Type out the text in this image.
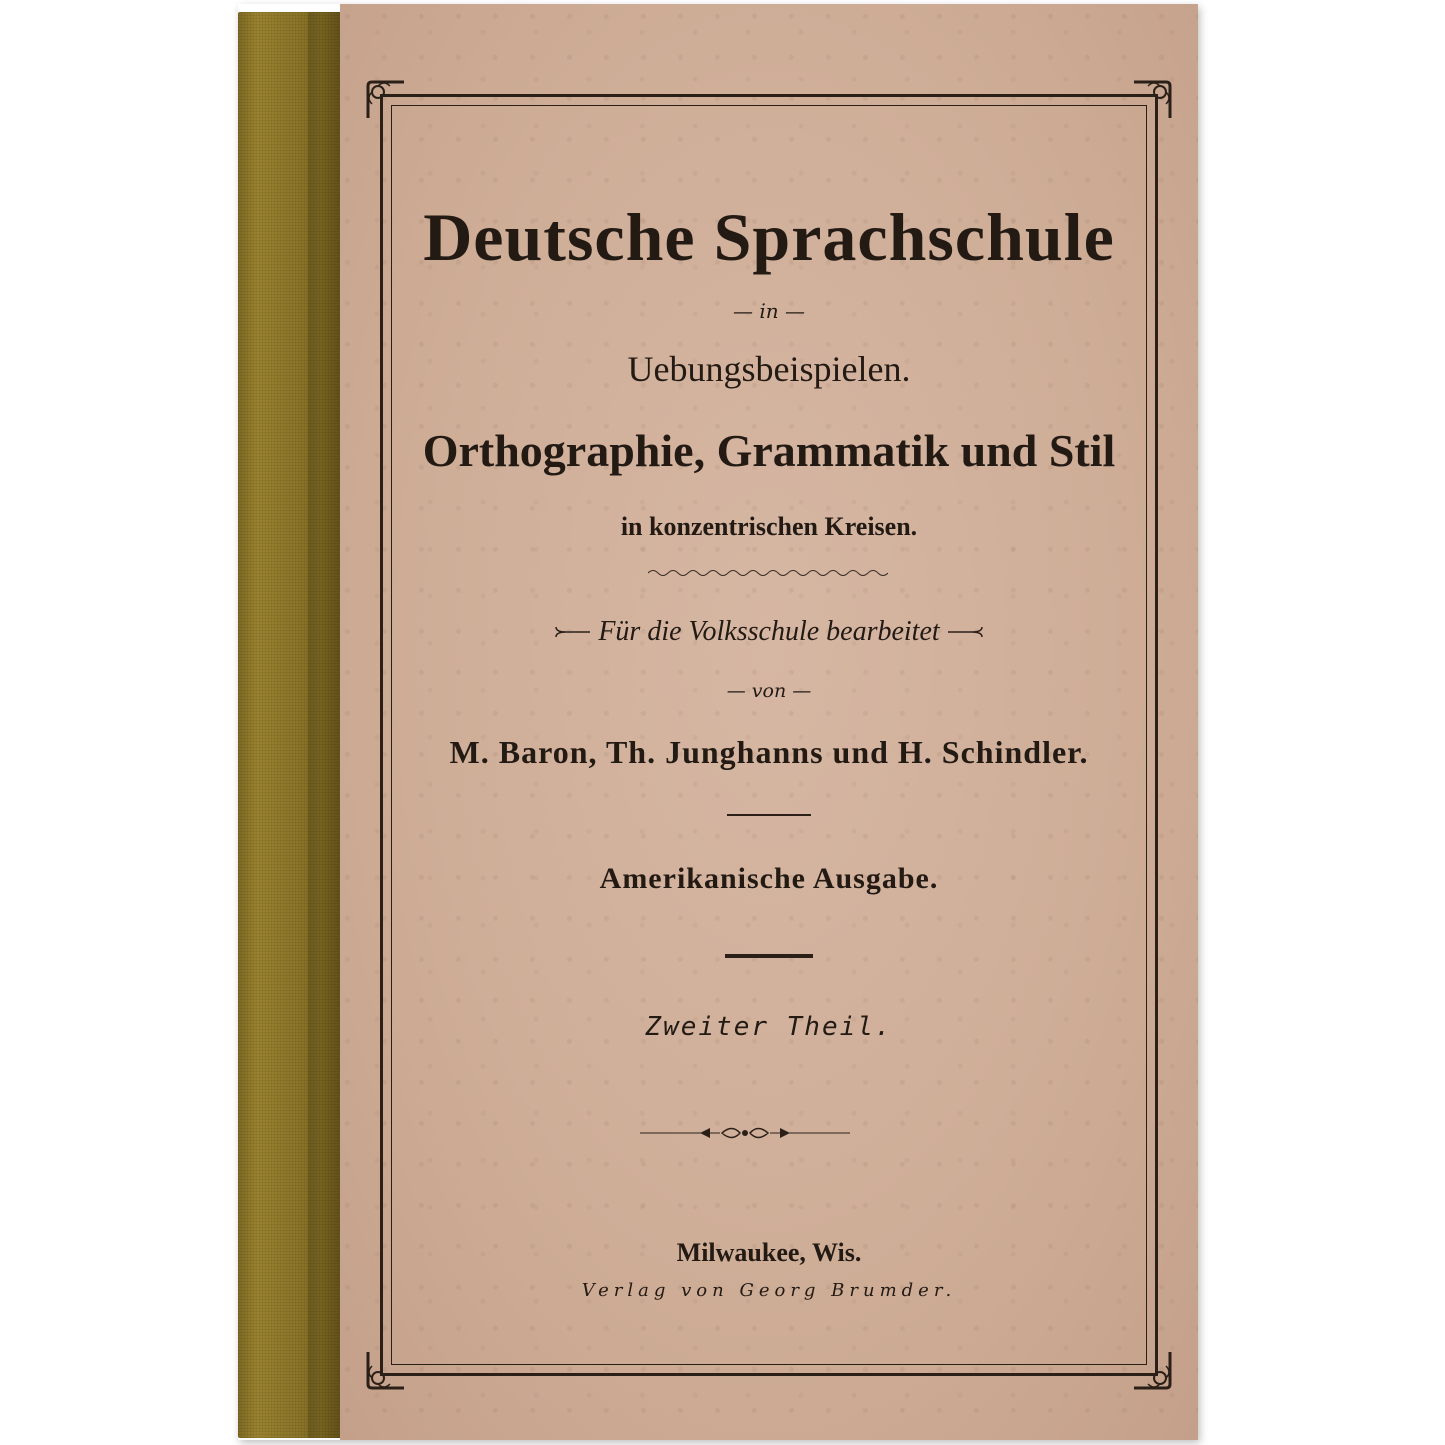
Deutsche Sprachschule
— in —
Uebungsbeispielen.
Orthographie, Grammatik und Stil
in konzentrischen Kreisen.
Für die Volksschule bearbeitet
— von —
M. Baron, Th. Junghanns und H. Schindler.
Amerikanische Ausgabe.
Zweiter Theil.
Milwaukee, Wis.
Verlag von Georg Brumder.
